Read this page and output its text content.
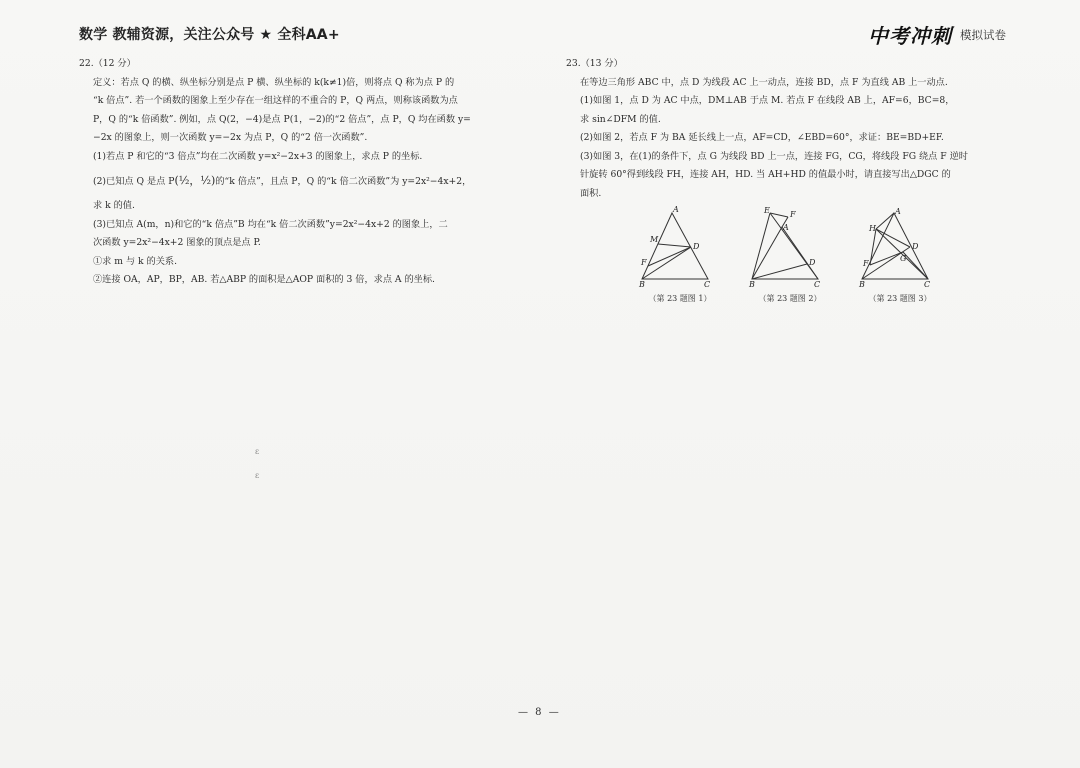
数学 教辅资源，关注公众号 ★ 全科AA+	中考冲刺 模拟试卷
22.（12 分）
定义：若点 Q 的横、纵坐标分别是点 P 横、纵坐标的 k(k≠1)倍，则将点 Q 称为点 P 的
“k 倍点”. 若一个函数的图象上至少存在一组这样的不重合的 P，Q 两点，则称该函数为点
P，Q 的“k 倍函数”. 例如，点 Q(2，−4)是点 P(1，−2)的“2 倍点”，点 P，Q 均在函数 y=
−2x 的图象上，则一次函数 y=−2x 为点 P，Q 的“2 倍一次函数”.
(1)若点 P 和它的“3 倍点”均在二次函数 y=x²−2x+3 的图象上，求点 P 的坐标.
(2)已知点 Q 是点 P(½，½)的“k 倍点”，且点 P，Q 的“k 倍二次函数”为 y=2x²−4x+2，
求 k 的值.
(3)已知点 A(m，n)和它的“k 倍点”B 均在“k 倍二次函数”y=2x²−4x+2 的图象上，二
次函数 y=2x²−4x+2 图象的顶点是点 P.
①求 m 与 k 的关系.
②连接 OA，AP，BP，AB. 若△ABP 的面积是△AOP 面积的 3 倍，求点 A 的坐标.
23.（13 分）
在等边三角形 ABC 中，点 D 为线段 AC 上一动点，连接 BD，点 F 为直线 AB 上一动点.
(1)如图 1，点 D 为 AC 中点，DM⊥AB 于点 M. 若点 F 在线段 AB 上，AF=6，BC=8，
求 sin∠DFM 的值.
(2)如图 2，若点 F 为 BA 延长线上一点，AF=CD，∠EBD=60°，求证：BE=BD+EF.
(3)如图 3，在(1)的条件下，点 G 为线段 BD 上一点，连接 FG，CG，将线段 FG 绕点 F 逆时
针旋转 60°得到线段 FH，连接 AH，HD. 当 AH+HD 的值最小时，请直接写出△DGC 的
面积.
A
M
D
F
B	C
（第 23 题图 1）
E	F
A
D
B	C
（第 23 题图 2）
A
H
D
G
F
B	C
（第 23 题图 3）
ε
ε
— 8 —
